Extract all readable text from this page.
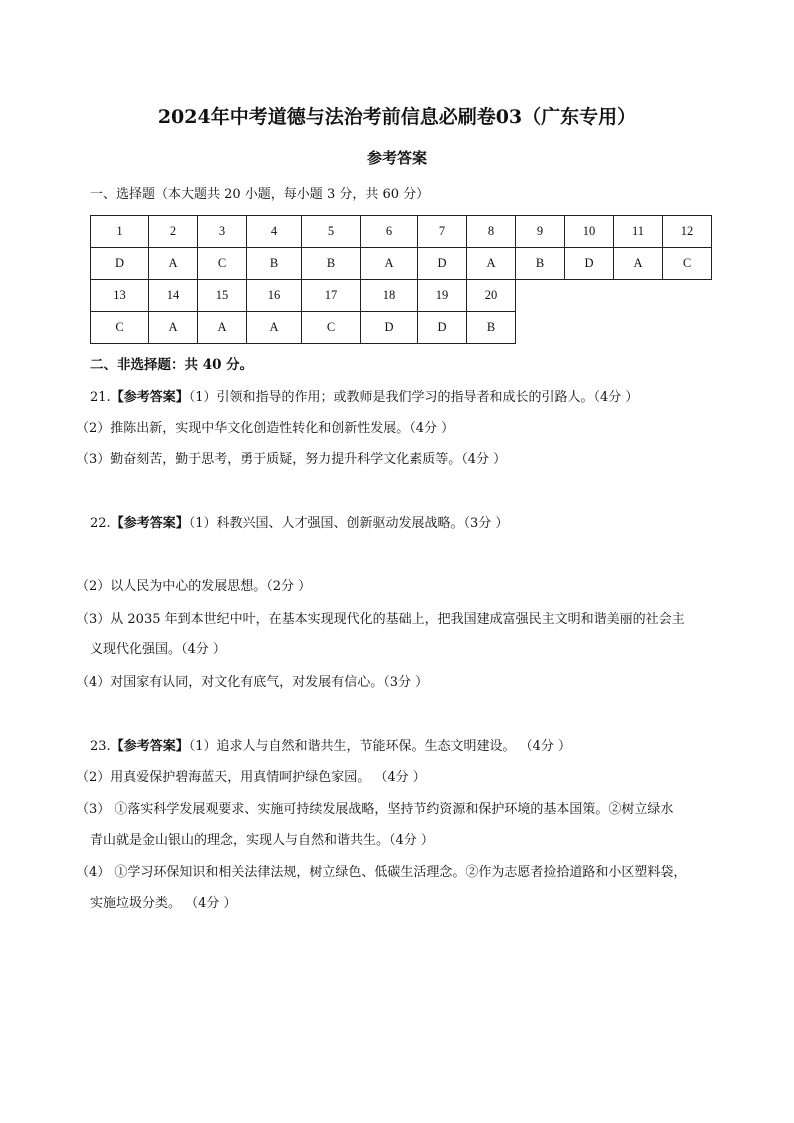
2024年中考道德与法治考前信息必刷卷03（广东专用）
参考答案
一、选择题（本大题共 20 小题，每小题 3 分，共 60 分）
1	2	3	4	5	6	7	8	9	10	11	12
D	A	C	B	B	A	D	A	B	D	A	C
13	14	15	16	17	18	19	20				
C	A	A	A	C	D	D	B				
二、非选择题：共 40 分。
21.【参考答案】（1）引领和指导的作用；或教师是我们学习的指导者和成长的引路人。（4分 ）
（2）推陈出新，实现中华文化创造性转化和创新性发展。（4分 ）
（3）勤奋刻苦，勤于思考，勇于质疑，努力提升科学文化素质等。（4分 ）
22.【参考答案】（1）科教兴国、人才强国、创新驱动发展战略。（3分 ）
（2）以人民为中心的发展思想。（2分 ）
（3）从 2035 年到本世纪中叶，在基本实现现代化的基础上，把我国建成富强民主文明和谐美丽的社会主
义现代化强国。（4分 ）
（4）对国家有认同，对文化有底气，对发展有信心。（3分 ）
23.【参考答案】（1）追求人与自然和谐共生，节能环保。生态文明建设。 （4分 ）
（2）用真爱保护碧海蓝天，用真情呵护绿色家园。 （4分 ）
（3） ①落实科学发展观要求、实施可持续发展战略，坚持节约资源和保护环境的基本国策。②树立绿水
青山就是金山银山的理念，实现人与自然和谐共生。（4分 ）
（4） ①学习环保知识和相关法律法规，树立绿色、低碳生活理念。②作为志愿者捡拾道路和小区塑料袋，
实施垃圾分类。 （4分 ）
